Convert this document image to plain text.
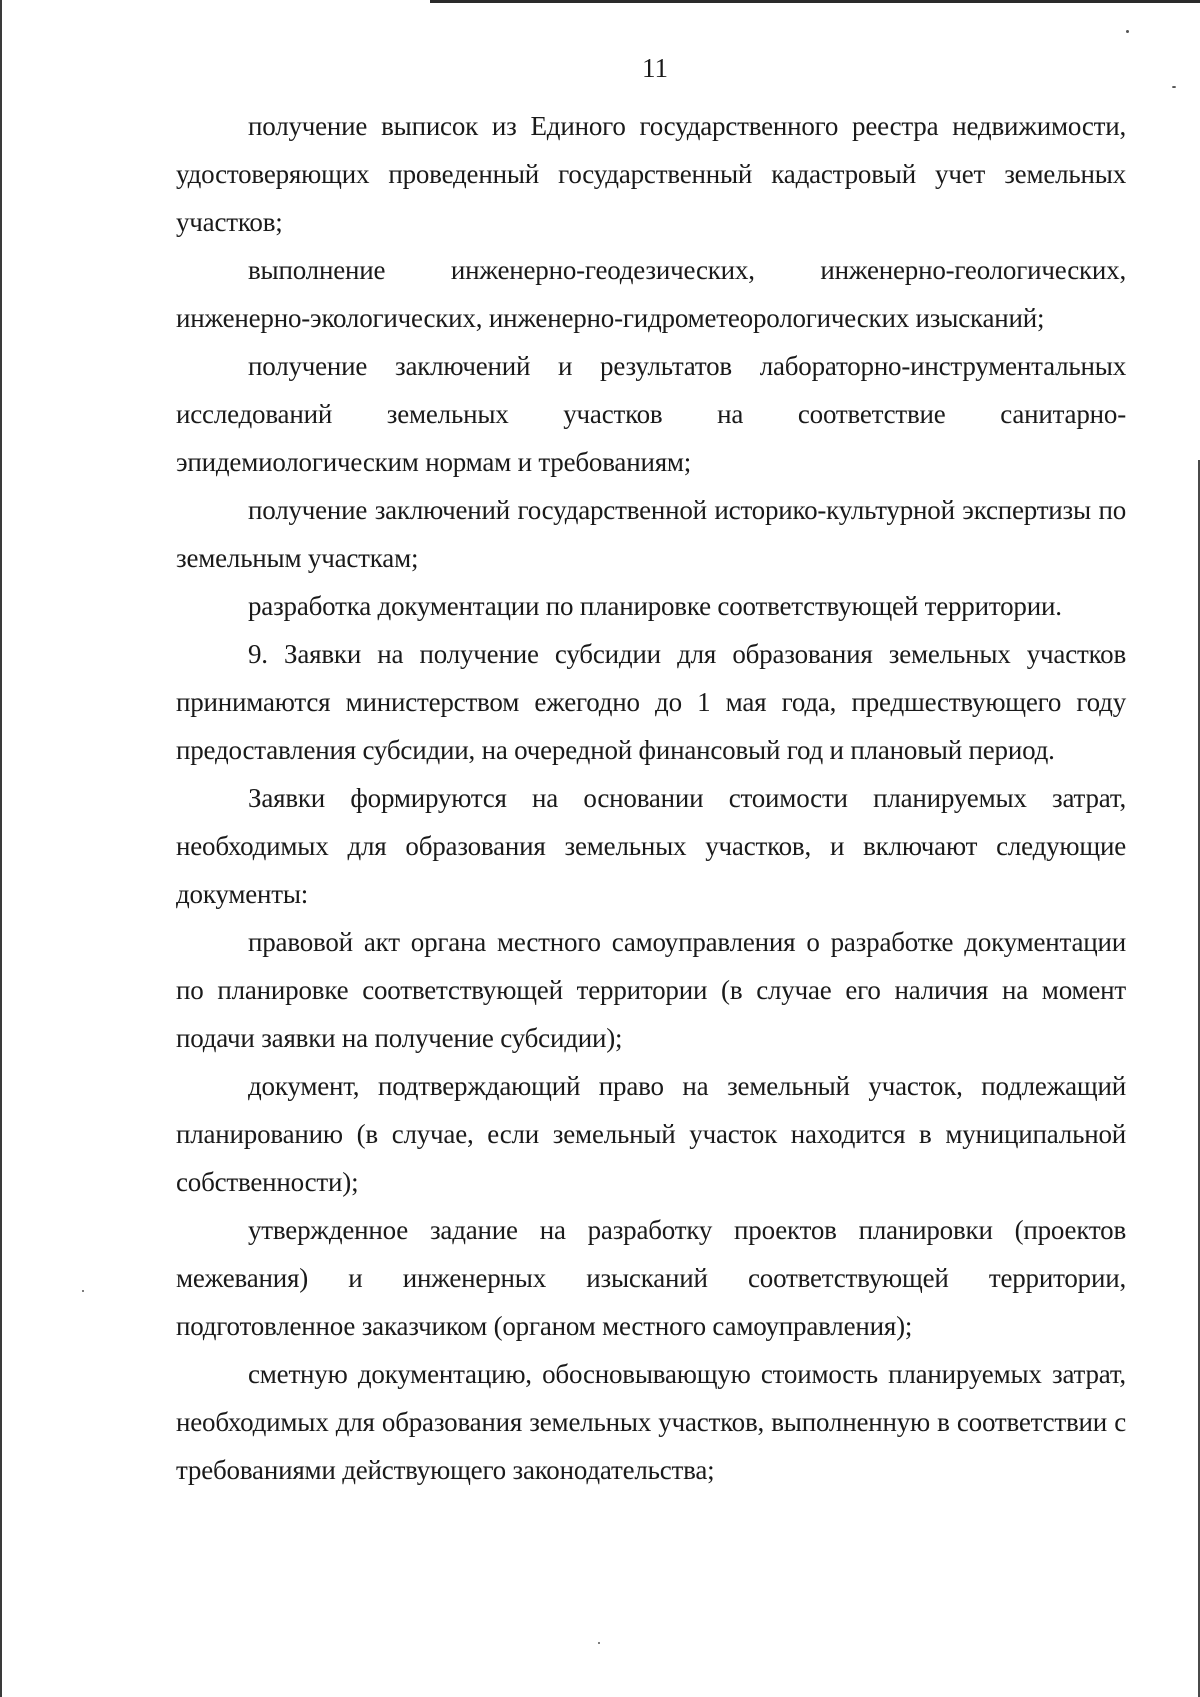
11

получение выписок из Единого государственного реестра недвижимости, удостоверяющих проведенный государственный кадастровый учет земельных участков;

выполнение инженерно-геодезических, инженерно-геологических, инженерно-экологических, инженерно-гидрометеорологических изысканий;

получение заключений и результатов лабораторно-инструментальных исследований земельных участков на соответствие санитарно-эпидемиологическим нормам и требованиям;

получение заключений государственной историко-культурной экспертизы по земельным участкам;

разработка документации по планировке соответствующей территории.

9. Заявки на получение субсидии для образования земельных участков принимаются министерством ежегодно до 1 мая года, предшествующего году предоставления субсидии, на очередной финансовый год и плановый период.

Заявки формируются на основании стоимости планируемых затрат, необходимых для образования земельных участков, и включают следующие документы:

правовой акт органа местного самоуправления о разработке документации по планировке соответствующей территории (в случае его наличия на момент подачи заявки на получение субсидии);

документ, подтверждающий право на земельный участок, подлежащий планированию (в случае, если земельный участок находится в муниципальной собственности);

утвержденное задание на разработку проектов планировки (проектов межевания) и инженерных изысканий соответствующей территории, подготовленное заказчиком (органом местного самоуправления);

сметную документацию, обосновывающую стоимость планируемых затрат, необходимых для образования земельных участков, выполненную в соответствии с требованиями действующего законодательства;
